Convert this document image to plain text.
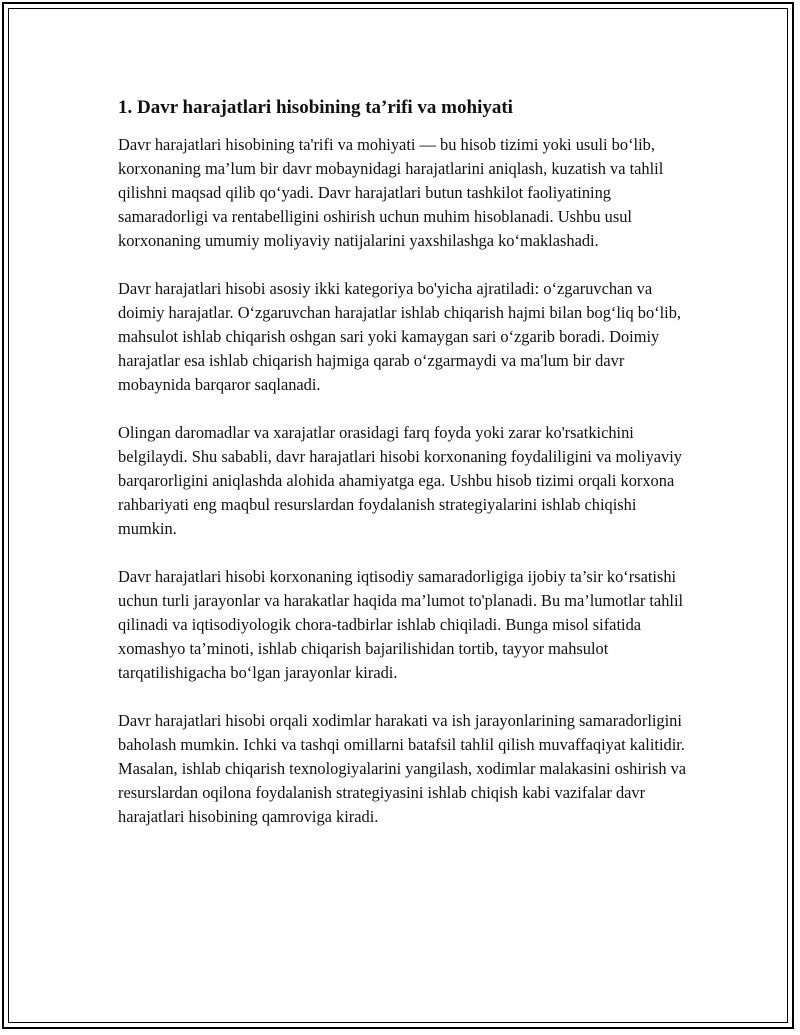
1. Davr harajatlari hisobining ta’rifi va mohiyati

Davr harajatlari hisobining ta'rifi va mohiyati — bu hisob tizimi yoki usuli bo‘lib, korxonaning ma’lum bir davr mobaynidagi harajatlarini aniqlash, kuzatish va tahlil qilishni maqsad qilib qo‘yadi. Davr harajatlari butun tashkilot faoliyatining samaradorligi va rentabelligini oshirish uchun muhim hisoblanadi. Ushbu usul korxonaning umumiy moliyaviy natijalarini yaxshilashga ko‘maklashadi.

Davr harajatlari hisobi asosiy ikki kategoriya bo'yicha ajratiladi: o‘zgaruvchan va doimiy harajatlar. O‘zgaruvchan harajatlar ishlab chiqarish hajmi bilan bog‘liq bo‘lib, mahsulot ishlab chiqarish oshgan sari yoki kamaygan sari o‘zgarib boradi. Doimiy harajatlar esa ishlab chiqarish hajmiga qarab o‘zgarmaydi va ma'lum bir davr mobaynida barqaror saqlanadi.

Olingan daromadlar va xarajatlar orasidagi farq foyda yoki zarar ko'rsatkichini belgilaydi. Shu sababli, davr harajatlari hisobi korxonaning foydaliligini va moliyaviy barqarorligini aniqlashda alohida ahamiyatga ega. Ushbu hisob tizimi orqali korxona rahbariyati eng maqbul resurslardan foydalanish strategiyalarini ishlab chiqishi mumkin.

Davr harajatlari hisobi korxonaning iqtisodiy samaradorligiga ijobiy ta’sir ko‘rsatishi uchun turli jarayonlar va harakatlar haqida ma’lumot to'planadi. Bu ma’lumotlar tahlil qilinadi va iqtisodiyologik chora-tadbirlar ishlab chiqiladi. Bunga misol sifatida xomashyo ta’minoti, ishlab chiqarish bajarilishidan tortib, tayyor mahsulot tarqatilishigacha bo‘lgan jarayonlar kiradi.

Davr harajatlari hisobi orqali xodimlar harakati va ish jarayonlarining samaradorligini baholash mumkin. Ichki va tashqi omillarni batafsil tahlil qilish muvaffaqiyat kalitidir. Masalan, ishlab chiqarish texnologiyalarini yangilash, xodimlar malakasini oshirish va resurslardan oqilona foydalanish strategiyasini ishlab chiqish kabi vazifalar davr harajatlari hisobining qamroviga kiradi.
